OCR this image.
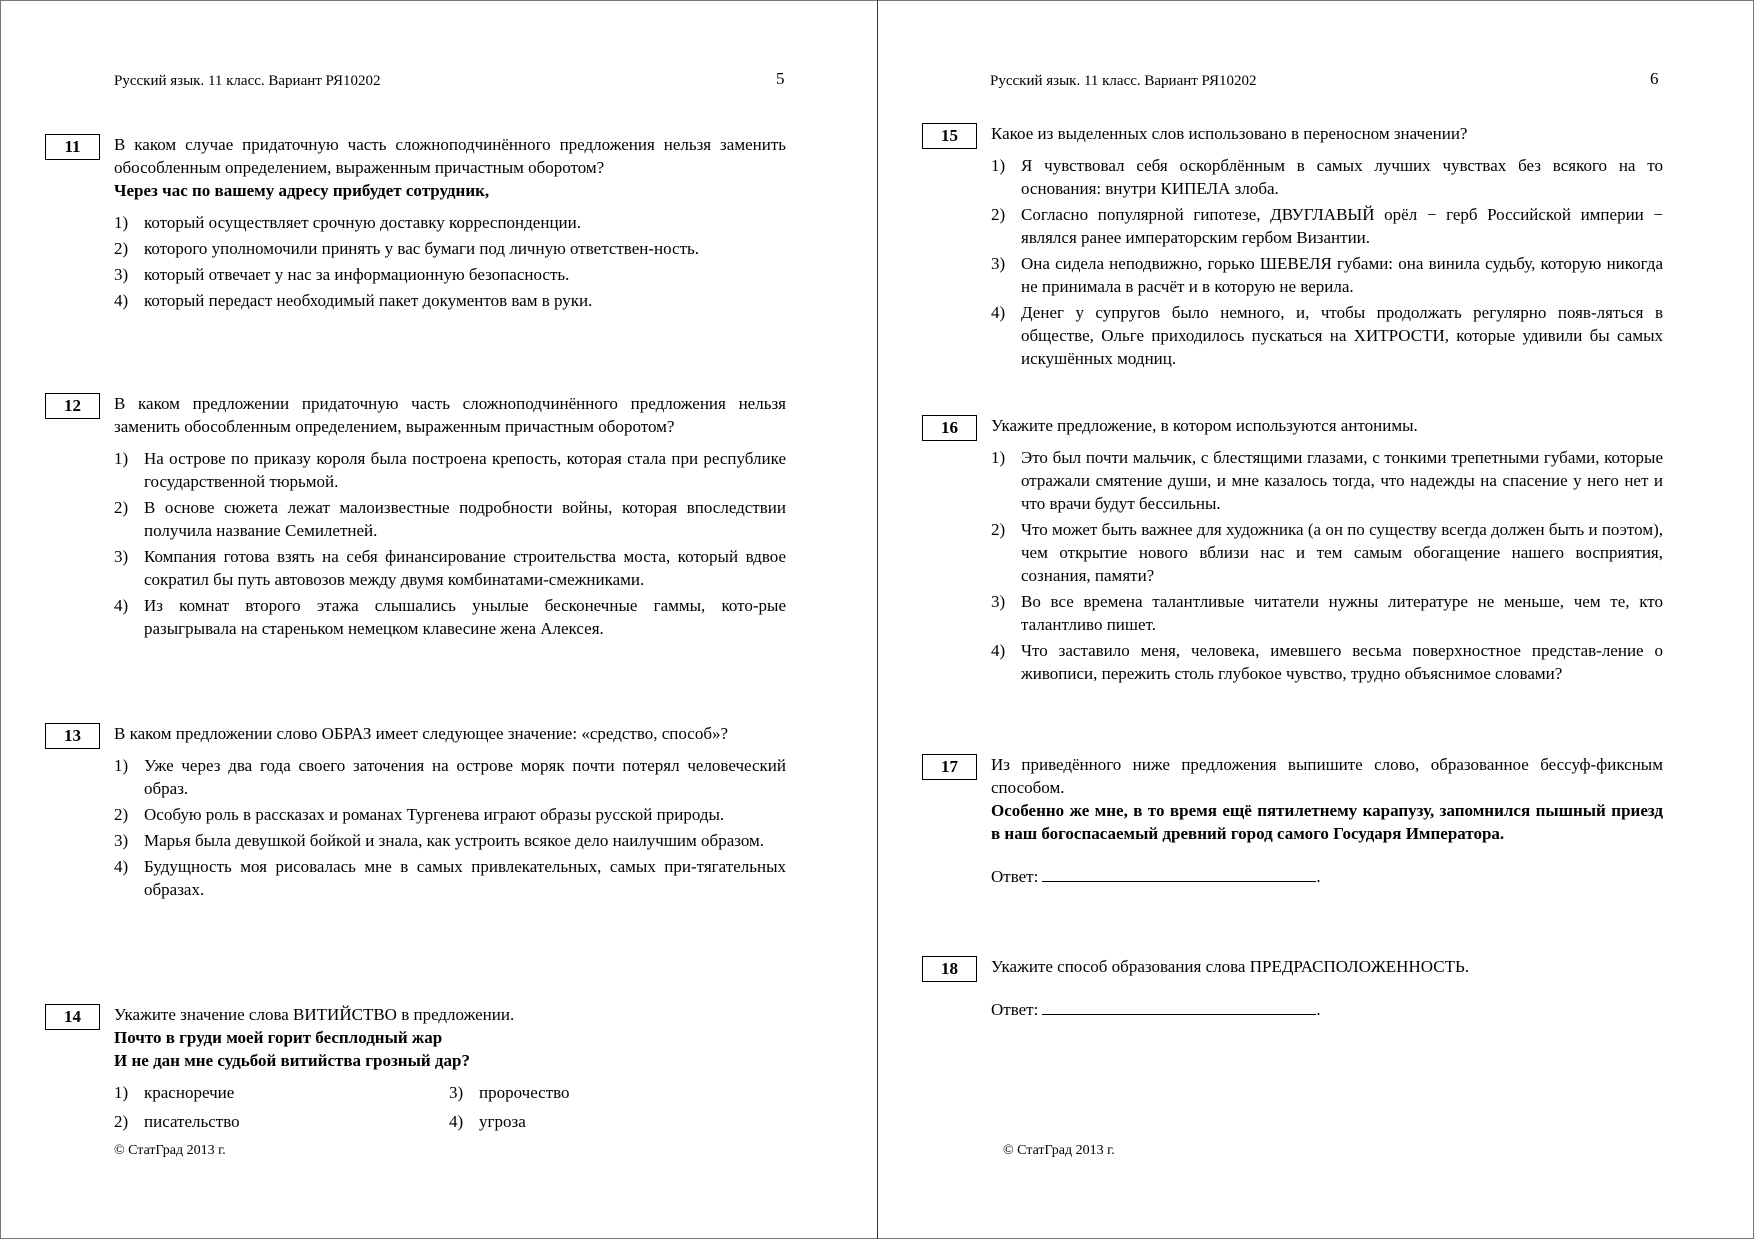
Русский язык. 11 класс. Вариант РЯ10202	5
11	В каком случае придаточную часть сложноподчинённого предложения нельзя заменить обособленным определением, выраженным причастным оборотом?
Через час по вашему адресу прибудет сотрудник,
1) который осуществляет срочную доставку корреспонденции.
2) которого уполномочили принять у вас бумаги под личную ответствен-ность.
3) который отвечает у нас за информационную безопасность.
4) который передаст необходимый пакет документов вам в руки.
12	В каком предложении придаточную часть сложноподчинённого предложения нельзя заменить обособленным определением, выраженным причастным оборотом?
1) На острове по приказу короля была построена крепость, которая стала при республике государственной тюрьмой.
2) В основе сюжета лежат малоизвестные подробности войны, которая впоследствии получила название Семилетней.
3) Компания готова взять на себя финансирование строительства моста, который вдвое сократил бы путь автовозов между двумя комбинатами-смежниками.
4) Из комнат второго этажа слышались унылые бесконечные гаммы, кото-рые разыгрывала на стареньком немецком клавесине жена Алексея.
13	В каком предложении слово ОБРАЗ имеет следующее значение: «средство, способ»?
1) Уже через два года своего заточения на острове моряк почти потерял человеческий образ.
2) Особую роль в рассказах и романах Тургенева играют образы русской природы.
3) Марья была девушкой бойкой и знала, как устроить всякое дело наилучшим образом.
4) Будущность моя рисовалась мне в самых привлекательных, самых при-тягательных образах.
14	Укажите значение слова ВИТИЙСТВО в предложении.
Почто в груди моей горит бесплодный жар
И не дан мне судьбой витийства грозный дар?
1) красноречие	3) пророчество
2) писательство	4) угроза
© СтатГрад 2013 г.
Русский язык. 11 класс. Вариант РЯ10202	6
15	Какое из выделенных слов использовано в переносном значении?
1) Я чувствовал себя оскорблённым в самых лучших чувствах без всякого на то основания: внутри КИПЕЛА злоба.
2) Согласно популярной гипотезе, ДВУГЛАВЫЙ орёл − герб Российской империи − являлся ранее императорским гербом Византии.
3) Она сидела неподвижно, горько ШЕВЕЛЯ губами: она винила судьбу, которую никогда не принимала в расчёт и в которую не верила.
4) Денег у супругов было немного, и, чтобы продолжать регулярно появ-ляться в обществе, Ольге приходилось пускаться на ХИТРОСТИ, которые удивили бы самых искушённых модниц.
16	Укажите предложение, в котором используются антонимы.
1) Это был почти мальчик, с блестящими глазами, с тонкими трепетными губами, которые отражали смятение души, и мне казалось тогда, что надежды на спасение у него нет и что врачи будут бессильны.
2) Что может быть важнее для художника (а он по существу всегда должен быть и поэтом), чем открытие нового вблизи нас и тем самым обогащение нашего восприятия, сознания, памяти?
3) Во все времена талантливые читатели нужны литературе не меньше, чем те, кто талантливо пишет.
4) Что заставило меня, человека, имевшего весьма поверхностное представ-ление о живописи, пережить столь глубокое чувство, трудно объяснимое словами?
17	Из приведённого ниже предложения выпишите слово, образованное бессуф-фиксным способом.
Особенно же мне, в то время ещё пятилетнему карапузу, запомнился пышный приезд в наш богоспасаемый древний город самого Государя Императора.
Ответ:	.
18	Укажите способ образования слова ПРЕДРАСПОЛОЖЕННОСТЬ.
Ответ:	.
© СтатГрад 2013 г.
